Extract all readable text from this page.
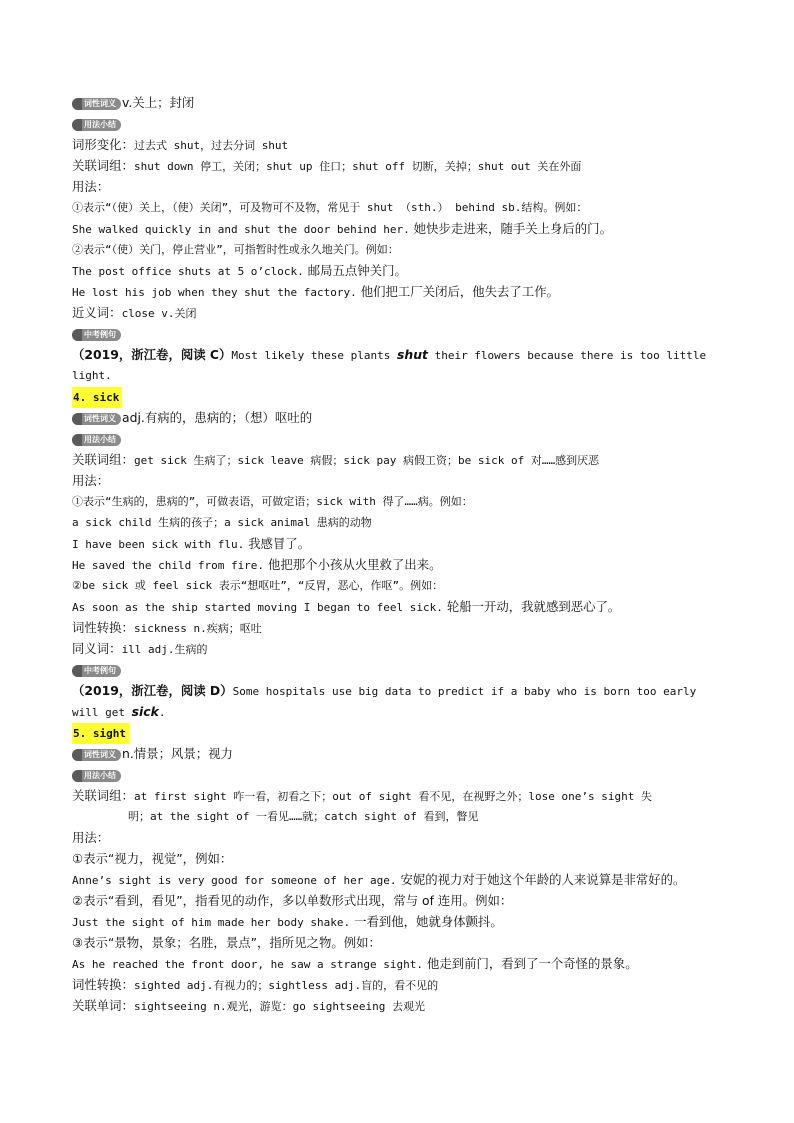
词性词义 v.关上；封闭
用法小结
词形变化：过去式 shut，过去分词 shut
关联词组：shut down 停工，关闭；shut up 住口；shut off 切断，关掉；shut out 关在外面
用法：
①表示“（使）关上，（使）关闭”，可及物可不及物，常见于 shut （sth.） behind sb.结构。例如：
She walked quickly in and shut the door behind her. 她快步走进来，随手关上身后的门。
②表示“（使）关门，停止营业”，可指暂时性或永久地关门。例如：
The post office shuts at 5 o’clock. 邮局五点钟关门。
He lost his job when they shut the factory. 他们把工厂关闭后，他失去了工作。
近义词：close v.关闭
中考例句
（2019，浙江卷，阅读 C）Most likely these plants shut their flowers because there is too little
light.
4. sick
词性词义 adj.有病的，患病的；（想）呕吐的
用法小结
关联词组：get sick 生病了；sick leave 病假；sick pay 病假工资；be sick of 对……感到厌恶
用法：
①表示“生病的，患病的”，可做表语，可做定语；sick with 得了……病。例如：
a sick child 生病的孩子；a sick animal 患病的动物
I have been sick with flu. 我感冒了。
He saved the child from fire. 他把那个小孩从火里救了出来。
②be sick 或 feel sick 表示“想呕吐”，“反胃，恶心，作呕”。例如：
As soon as the ship started moving I began to feel sick. 轮船一开动，我就感到恶心了。
词性转换：sickness n.疾病；呕吐
同义词：ill adj.生病的
中考例句
（2019，浙江卷，阅读 D）Some hospitals use big data to predict if a baby who is born too early
will get sick.
5. sight
词性词义 n.情景；风景；视力
用法小结
关联词组：at first sight 咋一看，初看之下；out of sight 看不见，在视野之外；lose one’s sight 失
明；at the sight of 一看见……就；catch sight of 看到，瞥见
用法：
①表示“视力，视觉”，例如：
Anne’s sight is very good for someone of her age. 安妮的视力对于她这个年龄的人来说算是非常好的。
②表示“看到，看见”，指看见的动作，多以单数形式出现，常与 of 连用。例如：
Just the sight of him made her body shake. 一看到他，她就身体颤抖。
③表示“景物，景象；名胜，景点”，指所见之物。例如：
As he reached the front door, he saw a strange sight. 他走到前门，看到了一个奇怪的景象。
词性转换：sighted adj.有视力的；sightless adj.盲的，看不见的
关联单词：sightseeing n.观光，游览：go sightseeing 去观光
